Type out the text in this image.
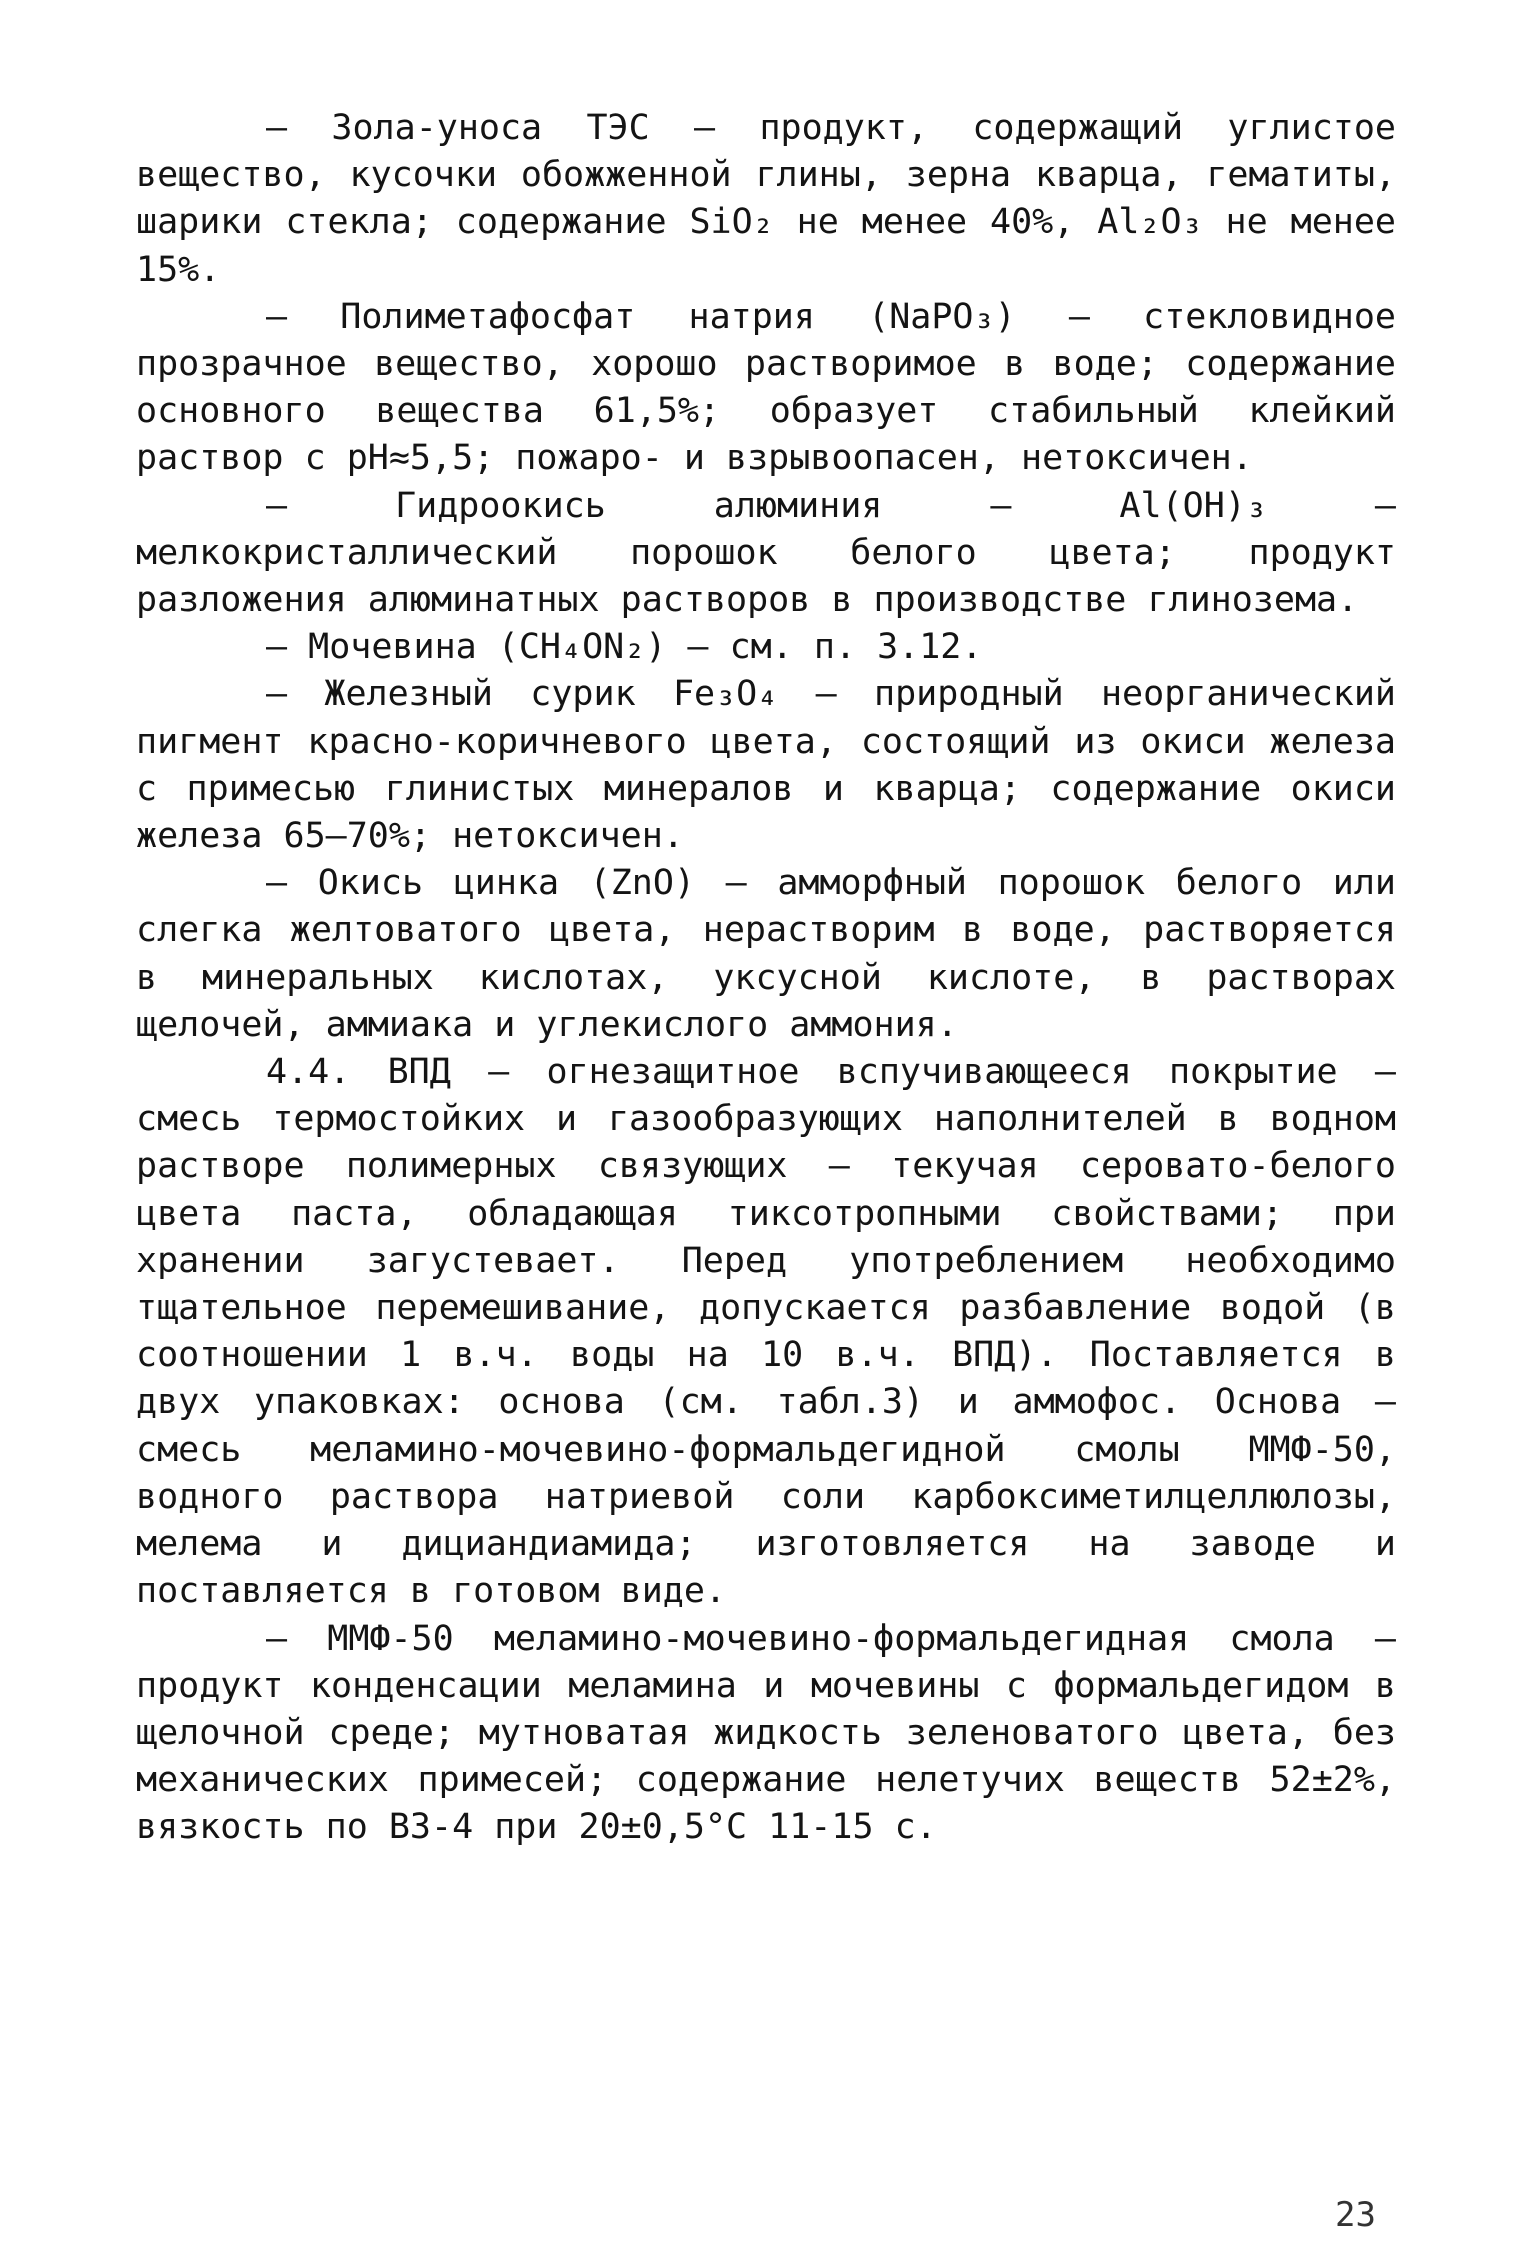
– Зола-уноса ТЭС – продукт, содержащий углистое вещество, кусочки обожженной глины, зерна кварца, гематиты, шарики стекла; содержание SiO₂ не менее 40%, Al₂O₃ не менее 15%.

– Полиметафосфат натрия (NaPO₃) – стекловидное прозрачное вещество, хорошо растворимое в воде; содержание основного вещества 61,5%; образует стабильный клейкий раствор с pH≈5,5; пожаро- и взрывоопасен, нетоксичен.

– Гидроокись алюминия – Al(OH)₃ – мелкокристаллический порошок белого цвета; продукт разложения алюминатных растворов в производстве глинозема.

– Мочевина (CH₄ON₂) – см. п. 3.12.

– Железный сурик Fe₃O₄ – природный неорганический пигмент красно-коричневого цвета, состоящий из окиси железа с примесью глинистых минералов и кварца; содержание окиси железа 65–70%; нетоксичен.

– Окись цинка (ZnO) – амморфный порошок белого или слегка желтоватого цвета, нерастворим в воде, растворяется в минеральных кислотах, уксусной кислоте, в растворах щелочей, аммиака и углекислого аммония.

4.4. ВПД – огнезащитное вспучивающееся покрытие – смесь термостойких и газообразующих наполнителей в водном растворе полимерных связующих – текучая серовато-белого цвета паста, обладающая тиксотропными свойствами; при хранении загустевает. Перед употреблением необходимо тщательное перемешивание, допускается разбавление водой (в соотношении 1 в.ч. воды на 10 в.ч. ВПД). Поставляется в двух упаковках: основа (см. табл.3) и аммофос. Основа – смесь меламино-мочевино-формальдегидной смолы ММФ-50, водного раствора натриевой соли карбоксиметилцеллюлозы, мелема и дициандиамида; изготовляется на заводе и поставляется в готовом виде.

– ММФ-50 меламино-мочевино-формальдегидная смола – продукт конденсации меламина и мочевины с формальдегидом в щелочной среде; мутноватая жидкость зеленоватого цвета, без механических примесей; содержание нелетучих веществ 52±2%, вязкость по ВЗ-4 при 20±0,5°С 11-15 с.

23
